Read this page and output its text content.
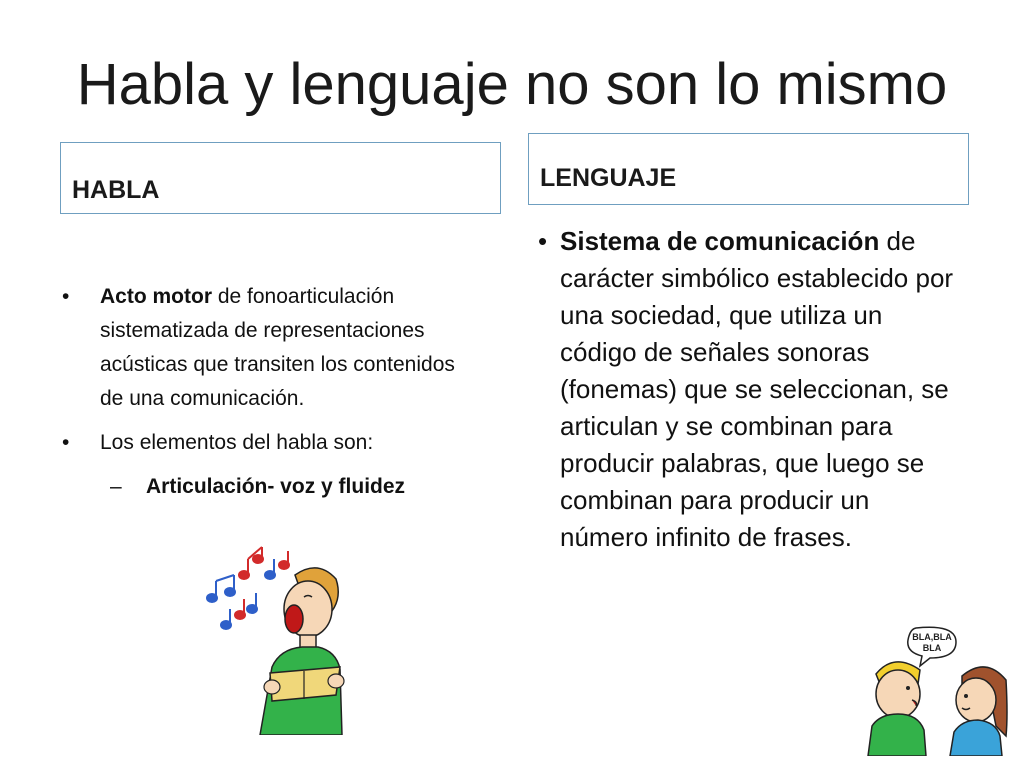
Habla y lenguaje no son lo mismo
HABLA	LENGUAJE
• Acto motor de fonoarticulación sistematizada de representaciones acústicas que transiten los contenidos de una comunicación.
• Los elementos del habla son:
– Articulación- voz y fluidez
• Sistema de comunicación de carácter simbólico establecido por una sociedad, que utiliza un código de señales sonoras (fonemas) que se seleccionan, se articulan y se combinan para producir palabras, que luego se combinan para producir un número infinito de frases.
BLA,BLA
BLA
